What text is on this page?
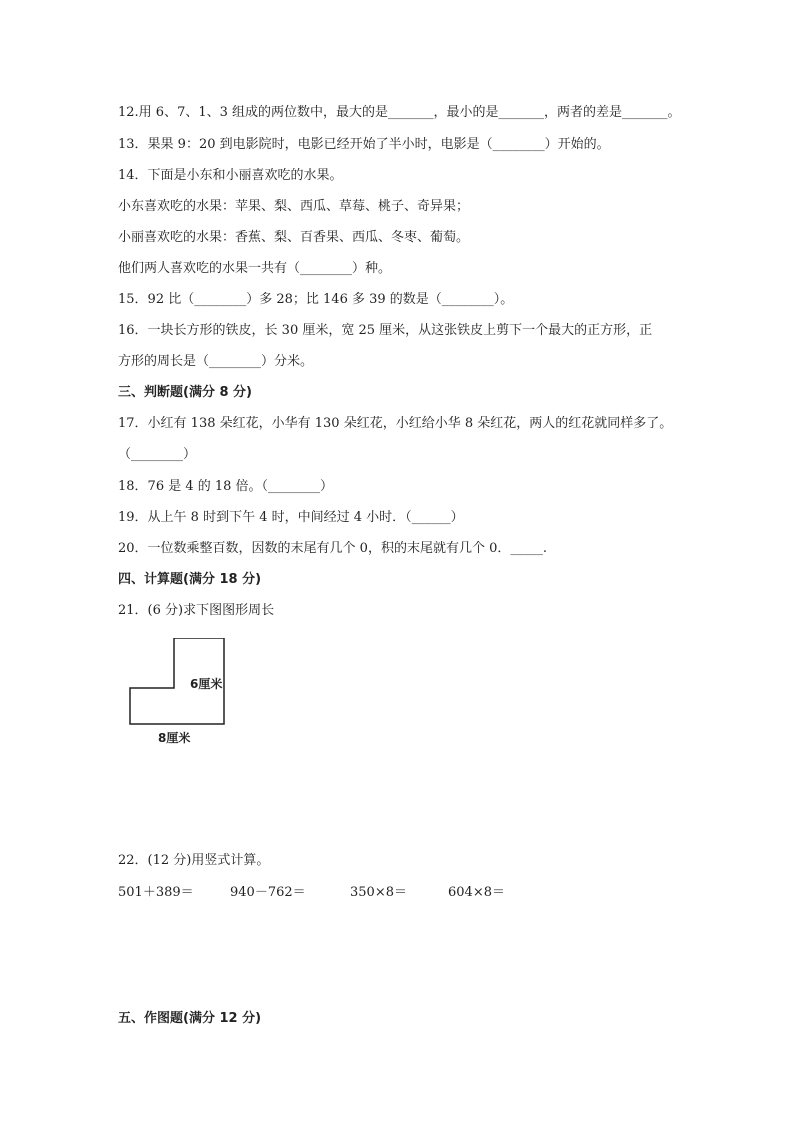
12.用 6、7、1、3 组成的两位数中，最大的是_______，最小的是_______，两者的差是_______。
13．果果 9：20 到电影院时，电影已经开始了半小时，电影是（________）开始的。
14．下面是小东和小丽喜欢吃的水果。
小东喜欢吃的水果：苹果、梨、西瓜、草莓、桃子、奇异果；
小丽喜欢吃的水果：香蕉、梨、百香果、西瓜、冬枣、葡萄。
他们两人喜欢吃的水果一共有（________）种。
15．92 比（________）多 28；比 146 多 39 的数是（________）。
16．一块长方形的铁皮，长 30 厘米，宽 25 厘米，从这张铁皮上剪下一个最大的正方形，正
方形的周长是（________）分米。
三、判断题(满分 8 分)
17．小红有 138 朵红花，小华有 130 朵红花，小红给小华 8 朵红花，两人的红花就同样多了。
（________）
18．76 是 4 的 18 倍。（________）
19．从上午 8 时到下午 4 时，中间经过 4 小时．（______）
20．一位数乘整百数，因数的末尾有几个 0，积的末尾就有几个 0．_____.
四、计算题(满分 18 分)
21．(6 分)求下图图形周长
6厘米
8厘米
22．(12 分)用竖式计算。
501＋389＝	940－762＝	350×8＝	604×8＝
五、作图题(满分 12 分)
